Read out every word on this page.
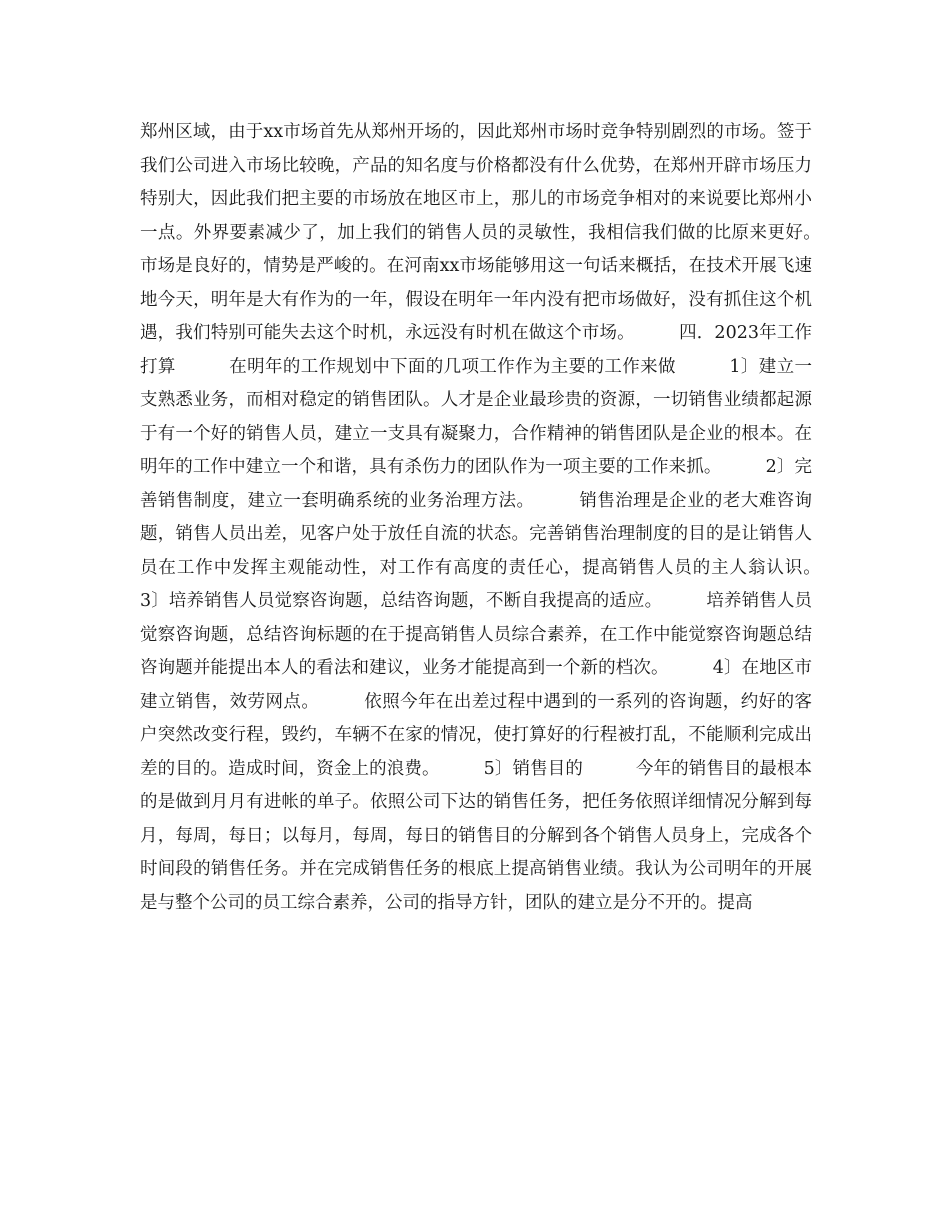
郑州区域，由于xx市场首先从郑州开场的，因此郑州市场时竞争特别剧烈的市场。签于我们公司进入市场比较晚，产品的知名度与价格都没有什么优势，在郑州开辟市场压力特别大，因此我们把主要的市场放在地区市上，那儿的市场竞争相对的来说要比郑州小一点。外界要素减少了，加上我们的销售人员的灵敏性，我相信我们做的比原来更好。　　　市场是良好的，情势是严峻的。在河南xx市场能够用这一句话来概括，在技术开展飞速地今天，明年是大有作为的一年，假设在明年一年内没有把市场做好，没有抓住这个机遇，我们特别可能失去这个时机，永远没有时机在做这个市场。　　　四．2023年工作打算　　　在明年的工作规划中下面的几项工作作为主要的工作来做　　　1〕建立一支熟悉业务，而相对稳定的销售团队。人才是企业最珍贵的资源，一切销售业绩都起源于有一个好的销售人员，建立一支具有凝聚力，合作精神的销售团队是企业的根本。在明年的工作中建立一个和谐，具有杀伤力的团队作为一项主要的工作来抓。　　　2〕完善销售制度，建立一套明确系统的业务治理方法。　　　销售治理是企业的老大难咨询题，销售人员出差，见客户处于放任自流的状态。完善销售治理制度的目的是让销售人员在工作中发挥主观能动性，对工作有高度的责任心，提高销售人员的主人翁认识。　　　3〕培养销售人员觉察咨询题，总结咨询题，不断自我提高的适应。　　　培养销售人员觉察咨询题，总结咨询标题的在于提高销售人员综合素养，在工作中能觉察咨询题总结咨询题并能提出本人的看法和建议，业务才能提高到一个新的档次。　　　4〕在地区市建立销售，效劳网点。　　　依照今年在出差过程中遇到的一系列的咨询题，约好的客户突然改变行程，毁约，车辆不在家的情况，使打算好的行程被打乱，不能顺利完成出差的目的。造成时间，资金上的浪费。　　　5〕销售目的　　　今年的销售目的最根本的是做到月月有进帐的单子。依照公司下达的销售任务，把任务依照详细情况分解到每月，每周，每日；以每月，每周，每日的销售目的分解到各个销售人员身上，完成各个时间段的销售任务。并在完成销售任务的根底上提高销售业绩。我认为公司明年的开展是与整个公司的员工综合素养，公司的指导方针，团队的建立是分不开的。提高
